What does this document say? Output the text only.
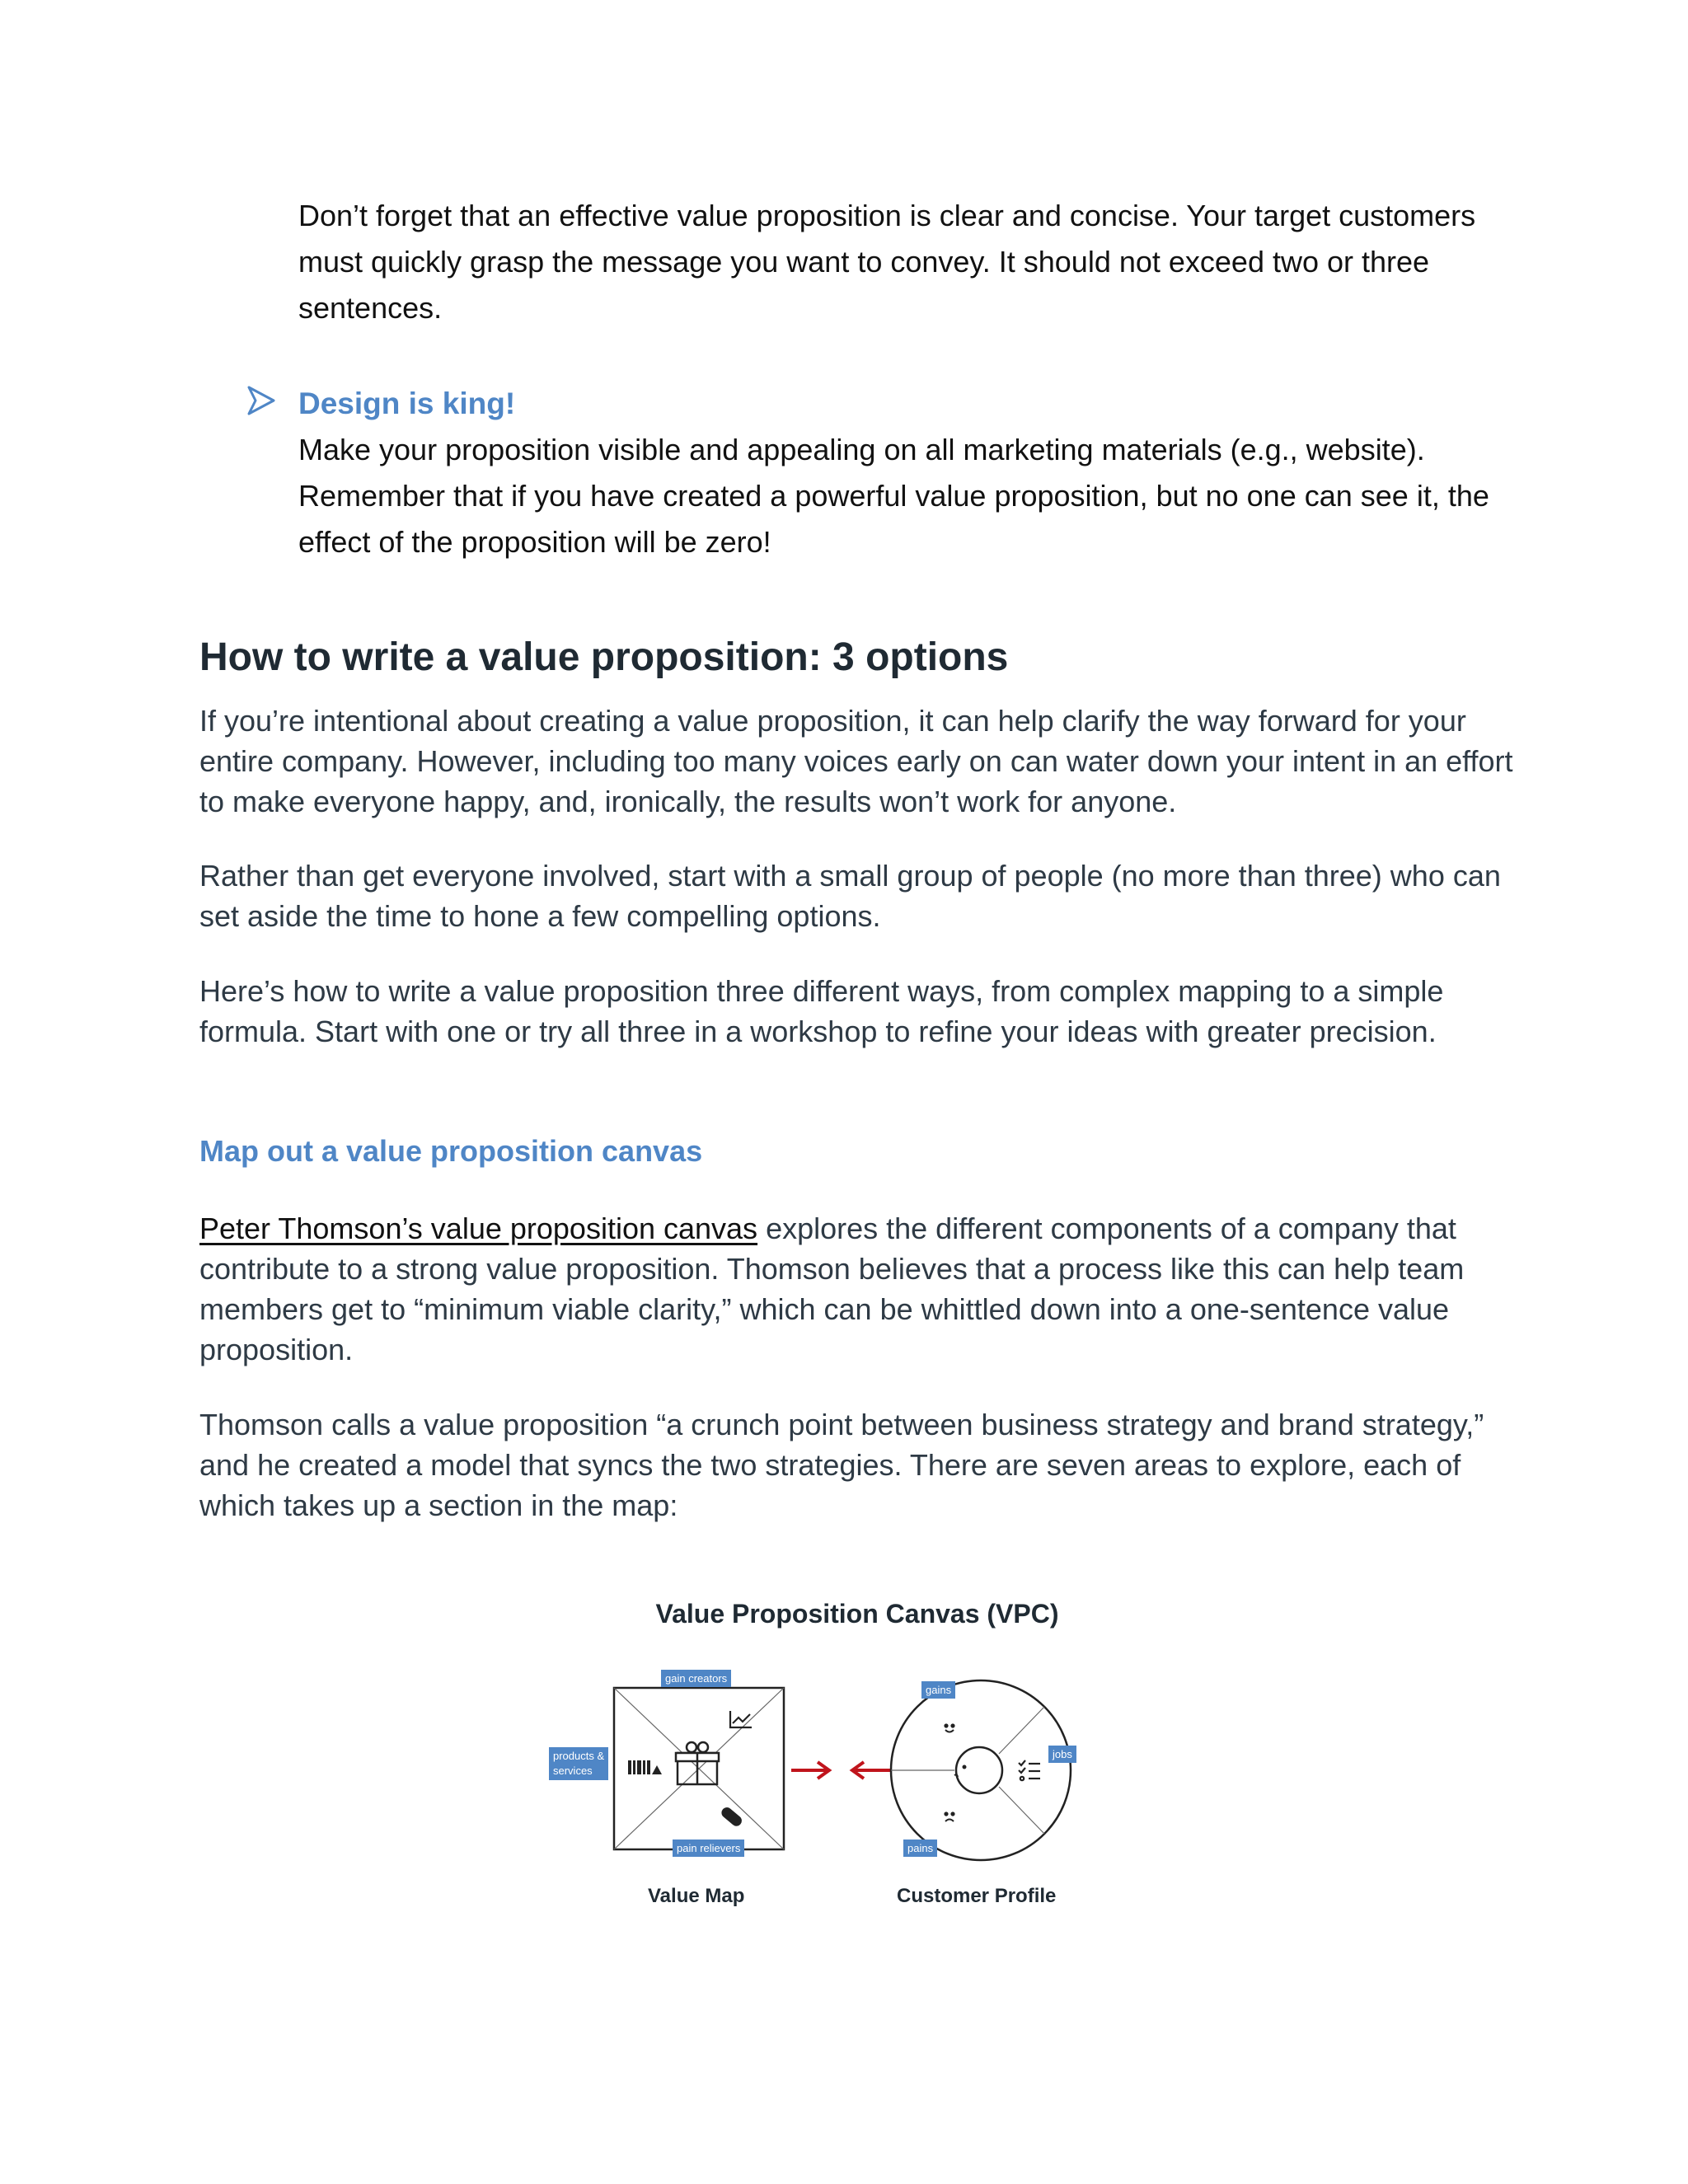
Don’t forget that an effective value proposition is clear and concise. Your target customers must quickly grasp the message you want to convey. It should not exceed two or three sentences.

Design is king!

Make your proposition visible and appealing on all marketing materials (e.g., website). Remember that if you have created a powerful value proposition, but no one can see it, the effect of the proposition will be zero!

How to write a value proposition: 3 options

If you’re intentional about creating a value proposition, it can help clarify the way forward for your entire company. However, including too many voices early on can water down your intent in an effort to make everyone happy, and, ironically, the results won’t work for anyone.

Rather than get everyone involved, start with a small group of people (no more than three) who can set aside the time to hone a few compelling options.

Here’s how to write a value proposition three different ways, from complex mapping to a simple formula. Start with one or try all three in a workshop to refine your ideas with greater precision.

Map out a value proposition canvas

Peter Thomson’s value proposition canvas explores the different components of a company that contribute to a strong value proposition. Thomson believes that a process like this can help team members get to “minimum viable clarity,” which can be whittled down into a one-sentence value proposition.

Thomson calls a value proposition “a crunch point between business strategy and brand strategy,” and he created a model that syncs the two strategies. There are seven areas to explore, each of which takes up a section in the map:

Value Proposition Canvas (VPC)

gain creators
products &
services
pain relievers
gains
jobs
pains

Value Map	Customer Profile
